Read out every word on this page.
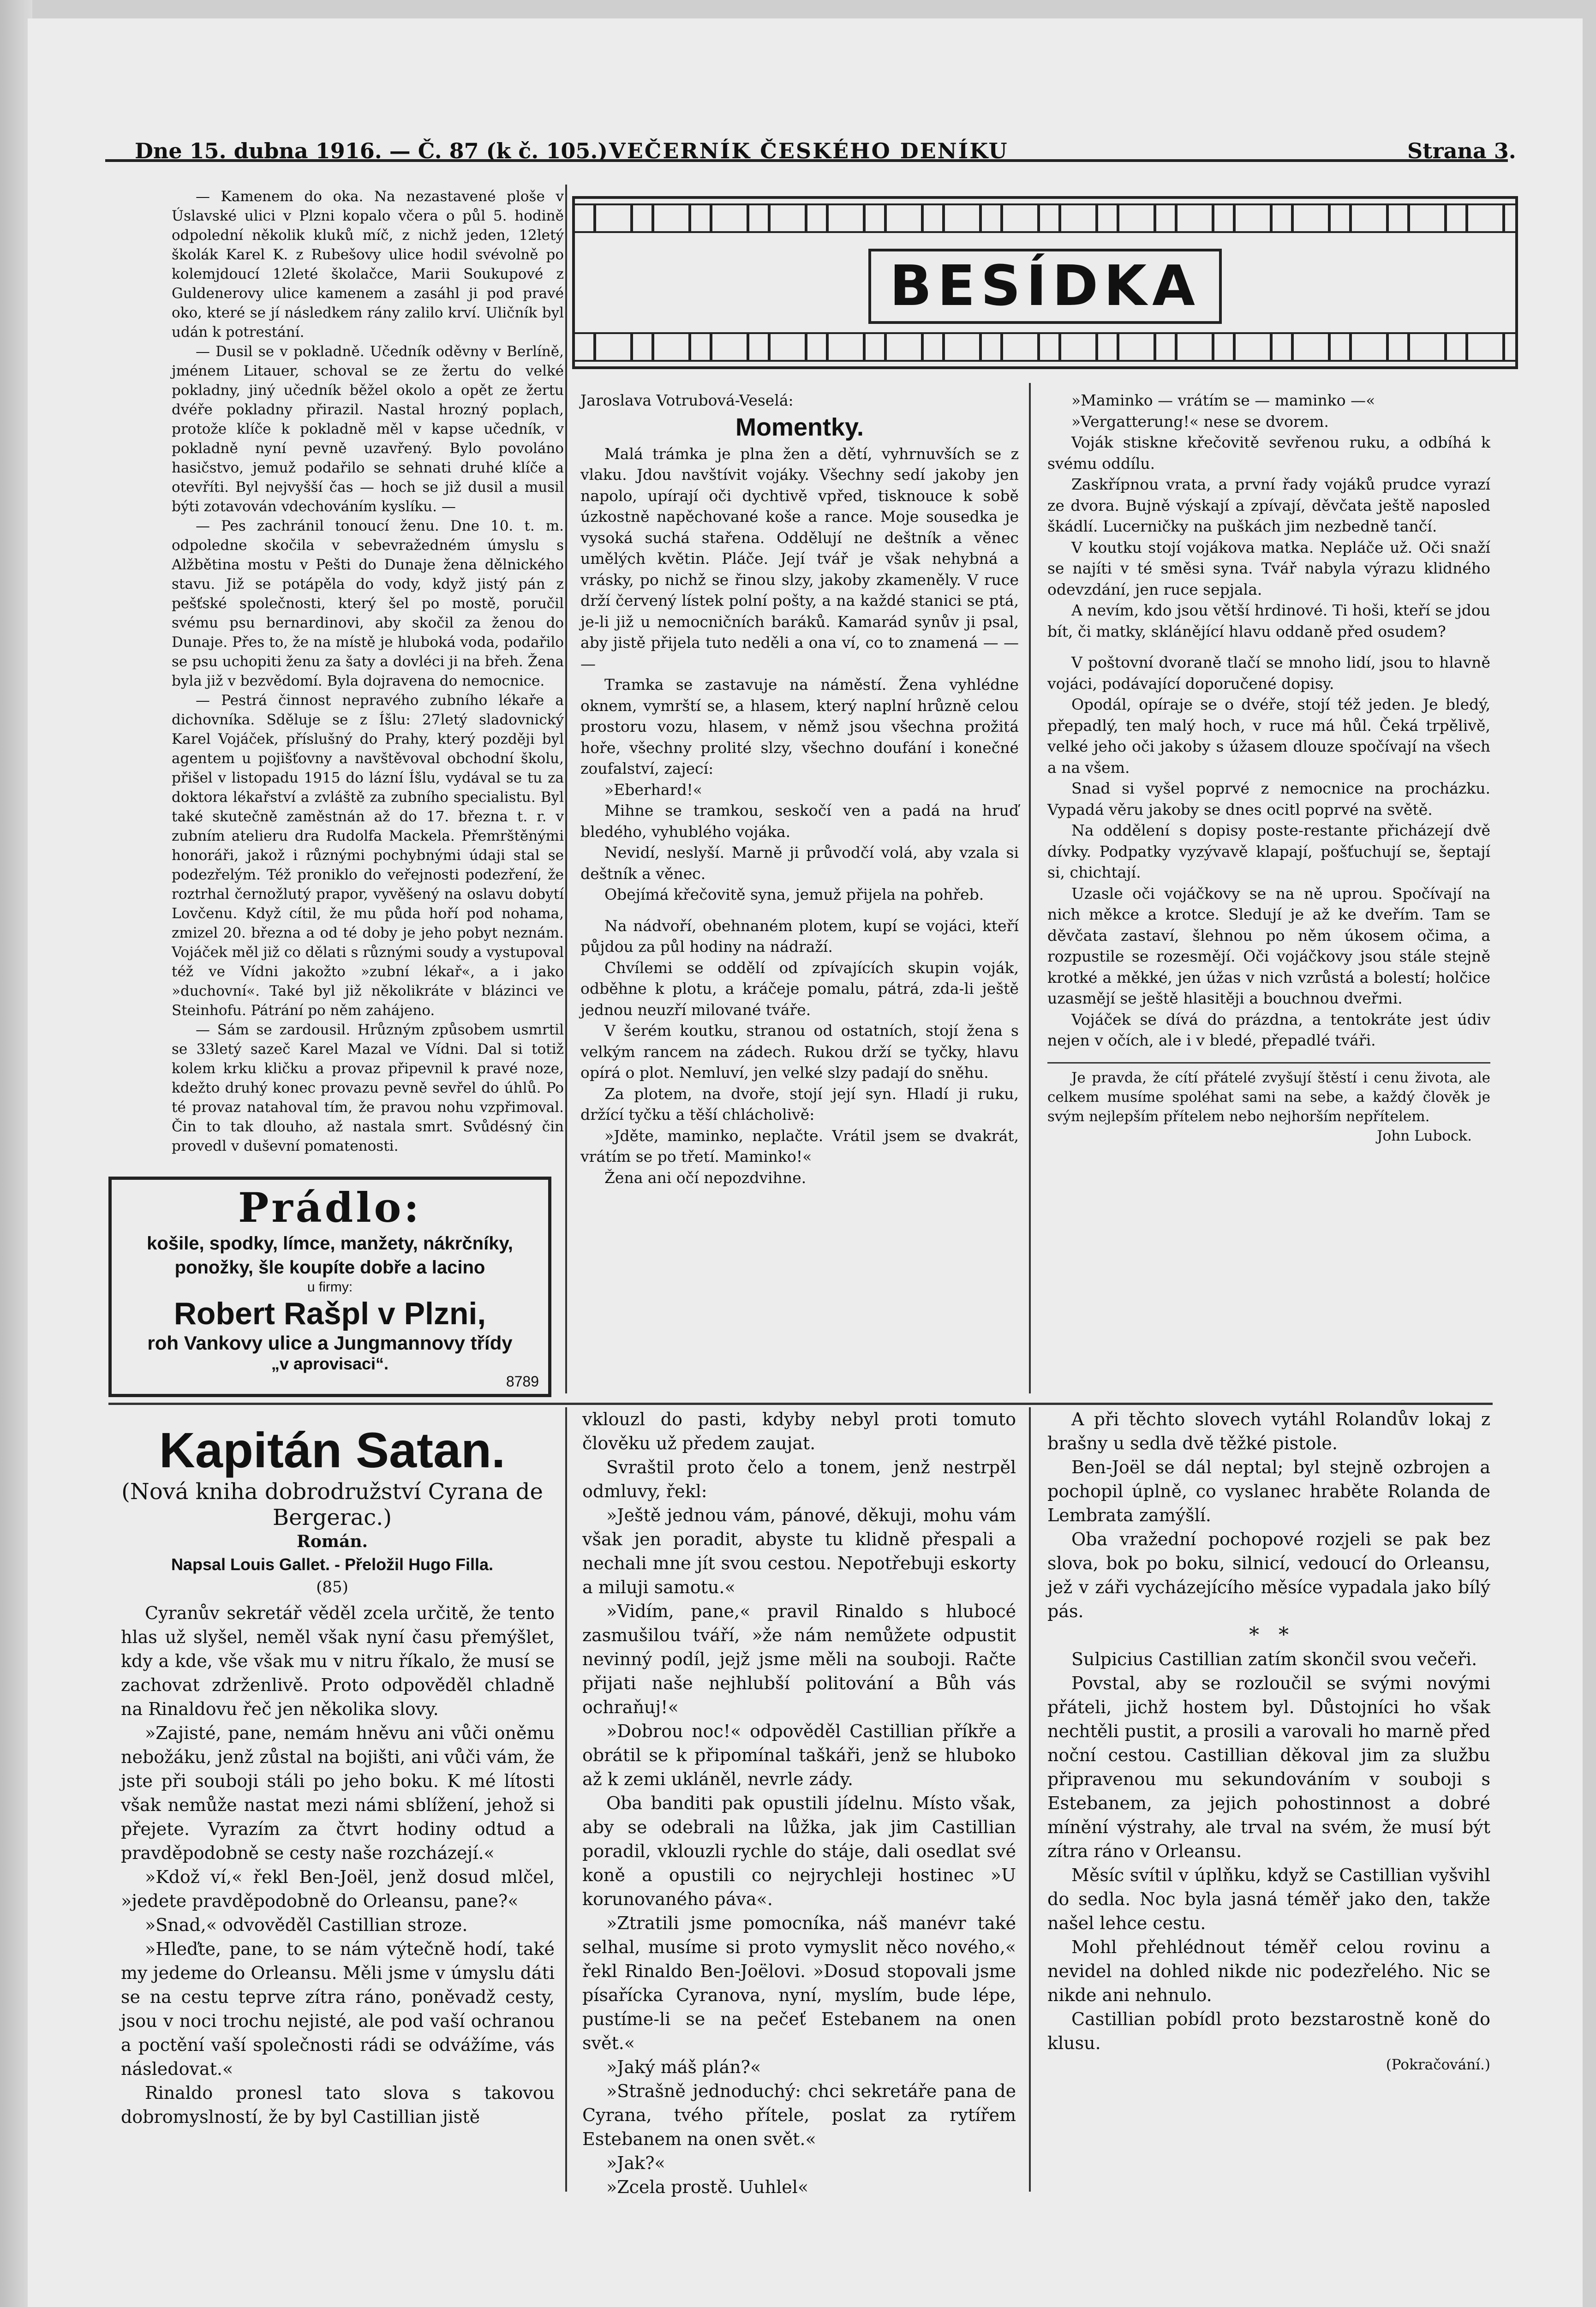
Dne 15. dubna 1916. — Č. 87 (k č. 105.) VEČERNÍK ČESKÉHO DENÍKU	Strana 3.

— Kamenem do oka. Na nezastavené ploše v Úslavské ulici v Plzni kopalo včera o půl 5. hodině odpolední několik kluků míč, z nichž jeden, 12letý školák Karel K. z Rubešovy ulice hodil svévolně po kolemjdoucí 12leté školačce, Marii Soukupové z Guldenerovy ulice kamenem a zasáhl ji pod pravé oko, které se jí následkem rány zalilo krví. Uličník byl udán k potrestání.

— Dusil se v pokladně. Učedník oděvny v Berlíně, jménem Litauer, schoval se ze žertu do velké pokladny, jiný učedník běžel okolo a opět ze žertu dvéře pokladny přirazil. Nastal hrozný poplach, protože klíče k pokladně měl v kapse učedník, v pokladně nyní pevně uzavřený. Bylo povoláno hasičstvo, jemuž podařilo se sehnati druhé klíče a otevříti. Byl nejvyšší čas — hoch se již dusil a musil býti zotavován vdechováním kyslíku. —

— Pes zachránil tonoucí ženu. Dne 10. t. m. odpoledne skočila v sebevražedném úmyslu s Alžbětina mostu v Pešti do Dunaje žena dělnického stavu. Již se potápěla do vody, když jistý pán z pešťské společnosti, který šel po mostě, poručil svému psu bernardinovi, aby skočil za ženou do Dunaje. Přes to, že na místě je hluboká voda, podařilo se psu uchopiti ženu za šaty a dovléci ji na břeh. Žena byla již v bezvědomí. Byla dojravena do nemocnice.

— Pestrá činnost nepravého zubního lékaře a dichovníka. Sděluje se z Íšlu: 27letý sladovnický Karel Vojáček, příslušný do Prahy, který později byl agentem u pojišťovny a navštěvoval obchodní školu, přišel v listopadu 1915 do lázní Íšlu, vydával se tu za doktora lékařství a zvláště za zubního specialistu. Byl také skutečně zaměstnán až do 17. března t. r. v zubním atelieru dra Rudolfa Mackela. Přemrštěnými honoráři, jakož i různými pochybnými údaji stal se podezřelým. Též proniklo do veřejnosti podezření, že roztrhal černožlutý prapor, vyvěšený na oslavu dobytí Lovčenu. Když cítil, že mu půda hoří pod nohama, zmizel 20. března a od té doby je jeho pobyt neznám. Vojáček měl již co dělati s různými soudy a vystupoval též ve Vídni jakožto »zubní lékař«, a i jako »duchovní«. Také byl již několikráte v blázinci ve Steinhofu. Pátrání po něm zahájeno.

— Sám se zardousil. Hrůzným způsobem usmrtil se 33letý sazeč Karel Mazal ve Vídni. Dal si totiž kolem krku kličku a provaz připevnil k pravé noze, kdežto druhý konec provazu pevně sevřel do úhlů. Po té provaz natahoval tím, že pravou nohu vzpřimoval. Čin to tak dlouho, až nastala smrt. Svůdésný čin provedl v duševní pomatenosti.

Prádlo:
košile, spodky, límce, manžety, nákrčníky,
ponožky, šle koupíte dobře a lacino
u firmy:
Robert Rašpl v Plzni,
roh Vankovy ulice a Jungmannovy třídy
„v aprovisaci“.
8789
BESÍDKA

Jaroslava Votrubová-Veselá:

Momentky.

Malá trámka je plna žen a dětí, vyhrnuvších se z vlaku. Jdou navštívit vojáky. Všechny sedí jakoby jen napolo, upírají oči dychtivě vpřed, tisknouce k sobě úzkostně napěchované koše a rance. Moje sousedka je vysoká suchá stařena. Oddělují ne deštník a věnec umělých květin. Pláče. Její tvář je však nehybná a vrásky, po nichž se řinou slzy, jakoby zkameněly. V ruce drží červený lístek polní pošty, a na každé stanici se ptá, je-li již u nemocničních baráků. Kamarád synův ji psal, aby jistě přijela tuto neděli a ona ví, co to znamená — — —

Tramka se zastavuje na náměstí. Žena vyhlédne oknem, vymrští se, a hlasem, který naplní hrůzně celou prostoru vozu, hlasem, v němž jsou všechna prožitá hoře, všechny prolité slzy, všechno doufání i konečné zoufalství, zajecí:

»Eberhard!«

Mihne se tramkou, seskočí ven a padá na hruď bledého, vyhublého vojáka.

Nevidí, neslyší. Marně ji průvodčí volá, aby vzala si deštník a věnec.

Obejímá křečovitě syna, jemuž přijela na pohřeb.

Na nádvoří, obehnaném plotem, kupí se vojáci, kteří půjdou za půl hodiny na nádraží.

Chvílemi se oddělí od zpívajících skupin voják, odběhne k plotu, a kráčeje pomalu, pátrá, zda-li ještě jednou neuzří milované tváře.

V šerém koutku, stranou od ostatních, stojí žena s velkým rancem na zádech. Rukou drží se tyčky, hlavu opírá o plot. Nemluví, jen velké slzy padají do sněhu.

Za plotem, na dvoře, stojí její syn. Hladí ji ruku, držící tyčku a těší chlácholivě:

»Jděte, maminko, neplačte. Vrátil jsem se dvakrát, vrátím se po třetí. Maminko!«

Žena ani očí nepozdvihne.

»Maminko — vrátím se — maminko —«

»Vergatterung!« nese se dvorem.

Voják stiskne křečovitě sevřenou ruku, a odbíhá k svému oddílu.

Zaskřípnou vrata, a první řady vojáků prudce vyrazí ze dvora. Bujně výskají a zpívají, děvčata ještě naposled škádlí. Lucerničky na puškách jim nezbedně tančí.

V koutku stojí vojákova matka. Nepláče už. Oči snaží se najíti v té směsi syna. Tvář nabyla výrazu klidného odevzdání, jen ruce sepjala.

A nevím, kdo jsou větší hrdinové. Ti hoši, kteří se jdou bít, či matky, sklánějící hlavu oddaně před osudem?

V poštovní dvoraně tlačí se mnoho lidí, jsou to hlavně vojáci, podávající doporučené dopisy.

Opodál, opíraje se o dvéře, stojí též jeden. Je bledý, přepadlý, ten malý hoch, v ruce má hůl. Čeká trpělivě, velké jeho oči jakoby s úžasem dlouze spočívají na všech a na všem.

Snad si vyšel poprvé z nemocnice na procházku. Vypadá věru jakoby se dnes ocitl poprvé na světě.

Na oddělení s dopisy poste-restante přicházejí dvě dívky. Podpatky vyzývavě klapají, pošťuchují se, šeptají si, chichtají.

Uzasle oči vojáčkovy se na ně uprou. Spočívají na nich měkce a krotce. Sledují je až ke dveřím. Tam se děvčata zastaví, šlehnou po něm úkosem očima, a rozpustile se rozesmějí. Oči vojáčkovy jsou stále stejně krotké a měkké, jen úžas v nich vzrůstá a bolestí; holčice uzasmějí se ještě hlasitěji a bouchnou dveřmi.

Vojáček se dívá do prázdna, a tentokráte jest údiv nejen v očích, ale i v bledé, přepadlé tváři.

Je pravda, že cítí přátelé zvyšují štěstí i cenu života, ale celkem musíme spoléhat sami na sebe, a každý člověk je svým nejlepším přítelem nebo nejhorším nepřítelem.

John Lubock.

Kapitán Satan.
(Nová kniha dobrodružství Cyrana de Bergerac.)
Román.
Napsal Louis Gallet. - Přeložil Hugo Filla.
(85)

Cyranův sekretář věděl zcela určitě, že tento hlas už slyšel, neměl však nyní času přemýšlet, kdy a kde, vše však mu v nitru říkalo, že musí se zachovat zdrženlivě. Proto odpověděl chladně na Rinaldovu řeč jen několika slovy.

»Zajisté, pane, nemám hněvu ani vůči oněmu nebožáku, jenž zůstal na bojišti, ani vůči vám, že jste při souboji stáli po jeho boku. K mé lítosti však nemůže nastat mezi námi sblížení, jehož si přejete. Vyrazím za čtvrt hodiny odtud a pravděpodobně se cesty naše rozcházejí.«

»Kdož ví,« řekl Ben-Joël, jenž dosud mlčel, »jedete pravděpodobně do Orleansu, pane?«

»Snad,« odvověděl Castillian stroze.

»Hleďte, pane, to se nám výtečně hodí, také my jedeme do Orleansu. Měli jsme v úmyslu dáti se na cestu teprve zítra ráno, poněvadž cesty, jsou v noci trochu nejisté, ale pod vaší ochranou a poctění vaší společnosti rádi se odvážíme, vás následovat.«

Rinaldo pronesl tato slova s takovou dobromyslností, že by byl Castillian jistě

vklouzl do pasti, kdyby nebyl proti tomuto člověku už předem zaujat.

Svraštil proto čelo a tonem, jenž nestrpěl odmluvy, řekl:

»Ještě jednou vám, pánové, děkuji, mohu vám však jen poradit, abyste tu klidně přespali a nechali mne jít svou cestou. Nepotřebuji eskorty a miluji samotu.«

»Vidím, pane,« pravil Rinaldo s hlubocé zasmušilou tváří, »že nám nemůžete odpustit nevinný podíl, jejž jsme měli na souboji. Račte přijati naše nejhlubší politování a Bůh vás ochraňuj!«

»Dobrou noc!« odpověděl Castillian příkře a obrátil se k připomínal taškáři, jenž se hluboko až k zemi ukláněl, nevrle zády.

Oba banditi pak opustili jídelnu. Místo však, aby se odebrali na lůžka, jak jim Castillian poradil, vklouzli rychle do stáje, dali osedlat své koně a opustili co nejrychleji hostinec »U korunovaného páva«.

»Ztratili jsme pomocníka, náš manévr také selhal, musíme si proto vymyslit něco nového,« řekl Rinaldo Ben-Joëlovi. »Dosud stopovali jsme písařícka Cyranova, nyní, myslím, bude lépe, pustíme-li se na pečeť Estebanem na onen svět.«

»Jaký máš plán?«

»Strašně jednoduchý: chci sekretáře pana de Cyrana, tvého přítele, poslat za rytířem Estebanem na onen svět.«

»Jak?«

»Zcela prostě. Uuhlel«

A při těchto slovech vytáhl Rolandův lokaj z brašny u sedla dvě těžké pistole.

Ben-Joël se dál neptal; byl stejně ozbrojen a pochopil úplně, co vyslanec hraběte Rolanda de Lembrata zamýšlí.

Oba vražední pochopové rozjeli se pak bez slova, bok po boku, silnicí, vedoucí do Orleansu, jež v záři vycházejícího měsíce vypadala jako bílý pás.

*   *

Sulpicius Castillian zatím skončil svou večeři.

Povstal, aby se rozloučil se svými novými přáteli, jichž hostem byl. Důstojníci ho však nechtěli pustit, a prosili a varovali ho marně před noční cestou. Castillian děkoval jim za službu připravenou mu sekundováním v souboji s Estebanem, za jejich pohostinnost a dobré mínění výstrahy, ale trval na svém, že musí být zítra ráno v Orleansu.

Měsíc svítil v úplňku, když se Castillian vyšvihl do sedla. Noc byla jasná téměř jako den, takže našel lehce cestu.

Mohl přehlédnout téměř celou rovinu a nevidel na dohled nikde nic podezřelého. Nic se nikde ani nehnulo.

Castillian pobídl proto bezstarostně koně do klusu.

(Pokračování.)
